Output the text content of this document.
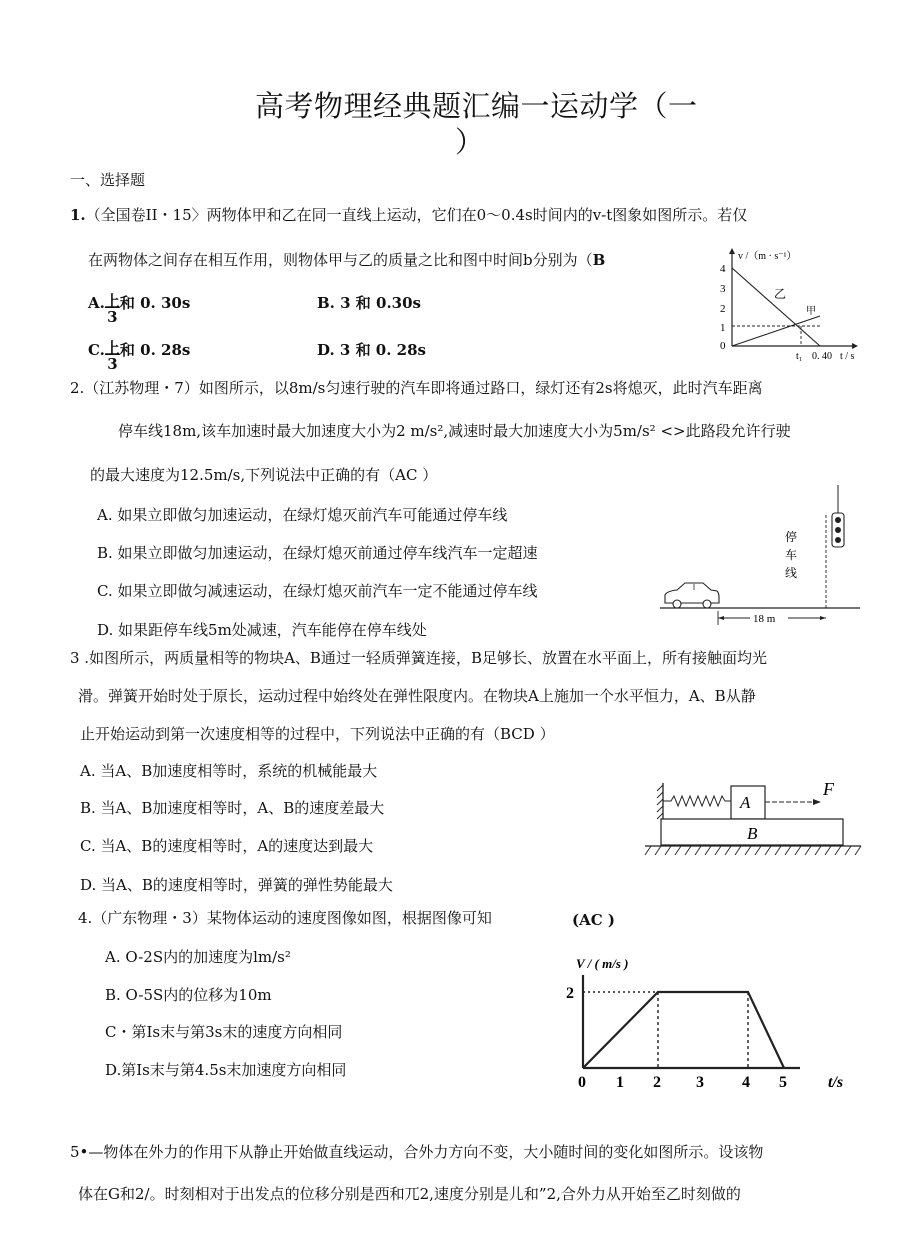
高考物理经典题汇编一运动学（一
）
一、选择题
1.（全国卷II・15〉两物体甲和乙在同一直线上运动，它们在0～0.4s时间内的v-t图象如图所示。若仅
在两物体之间存在相互作用，则物体甲与乙的质量之比和图中时间b分别为（B
$A.\frac{\text{上}}{3}$和 0. 30s	B. 3 和 0.30s
$C.\frac{\text{上}}{3}$和 0. 28s	D. 3 和 0. 28s
v /（m · s⁻¹）
4
3
2
1
0
乙
甲
t₁ 0. 40 t / s
2.（江苏物理・7）如图所示，以8m/s匀速行驶的汽车即将通过路口，绿灯还有2s将熄灭，此时汽车距离
停车线18m,该车加速时最大加速度大小为2 m/s²,减速时最大加速度大小为5m/s² <>此路段允许行驶
的最大速度为12.5m/s,下列说法中正确的有（AC ）
A. 如果立即做匀加速运动，在绿灯熄灭前汽车可能通过停车线
B. 如果立即做匀加速运动，在绿灯熄灭前通过停车线汽车一定超速
C. 如果立即做匀减速运动，在绿灯熄灭前汽车一定不能通过停车线
D. 如果距停车线5m处减速，汽车能停在停车线处
停
车
线
18 m
3 .如图所示，两质量相等的物块A、B通过一轻质弹簧连接，B足够长、放置在水平面上，所有接触面均光
滑。弹簧开始时处于原长，运动过程中始终处在弹性限度内。在物块A上施加一个水平恒力，A、B从静
止开始运动到第一次速度相等的过程中，下列说法中正确的有（BCD ）
A. 当A、B加速度相等时，系统的机械能最大
B. 当A、B加速度相等时，A、B的速度差最大
C. 当A、B的速度相等时，A的速度达到最大
D. 当A、B的速度相等时，弹簧的弹性势能最大
A
F
B
4.（广东物理・3）某物体运动的速度图像如图，根据图像可知	(AC )
A. O-2S内的加速度为lm/s²
B. O-5S内的位移为10m
C・第Is末与第3s末的速度方向相同
D.第Is末与第4.5s末加速度方向相同
V / ( m/s )
2
0 1 2 3 4 5	t/s
5•—物体在外力的作用下从静止开始做直线运动，合外力方向不变，大小随时间的变化如图所示。设该物
体在G和2/。时刻相对于出发点的位移分别是西和兀2,速度分别是儿和”2,合外力从开始至乙时刻做的
